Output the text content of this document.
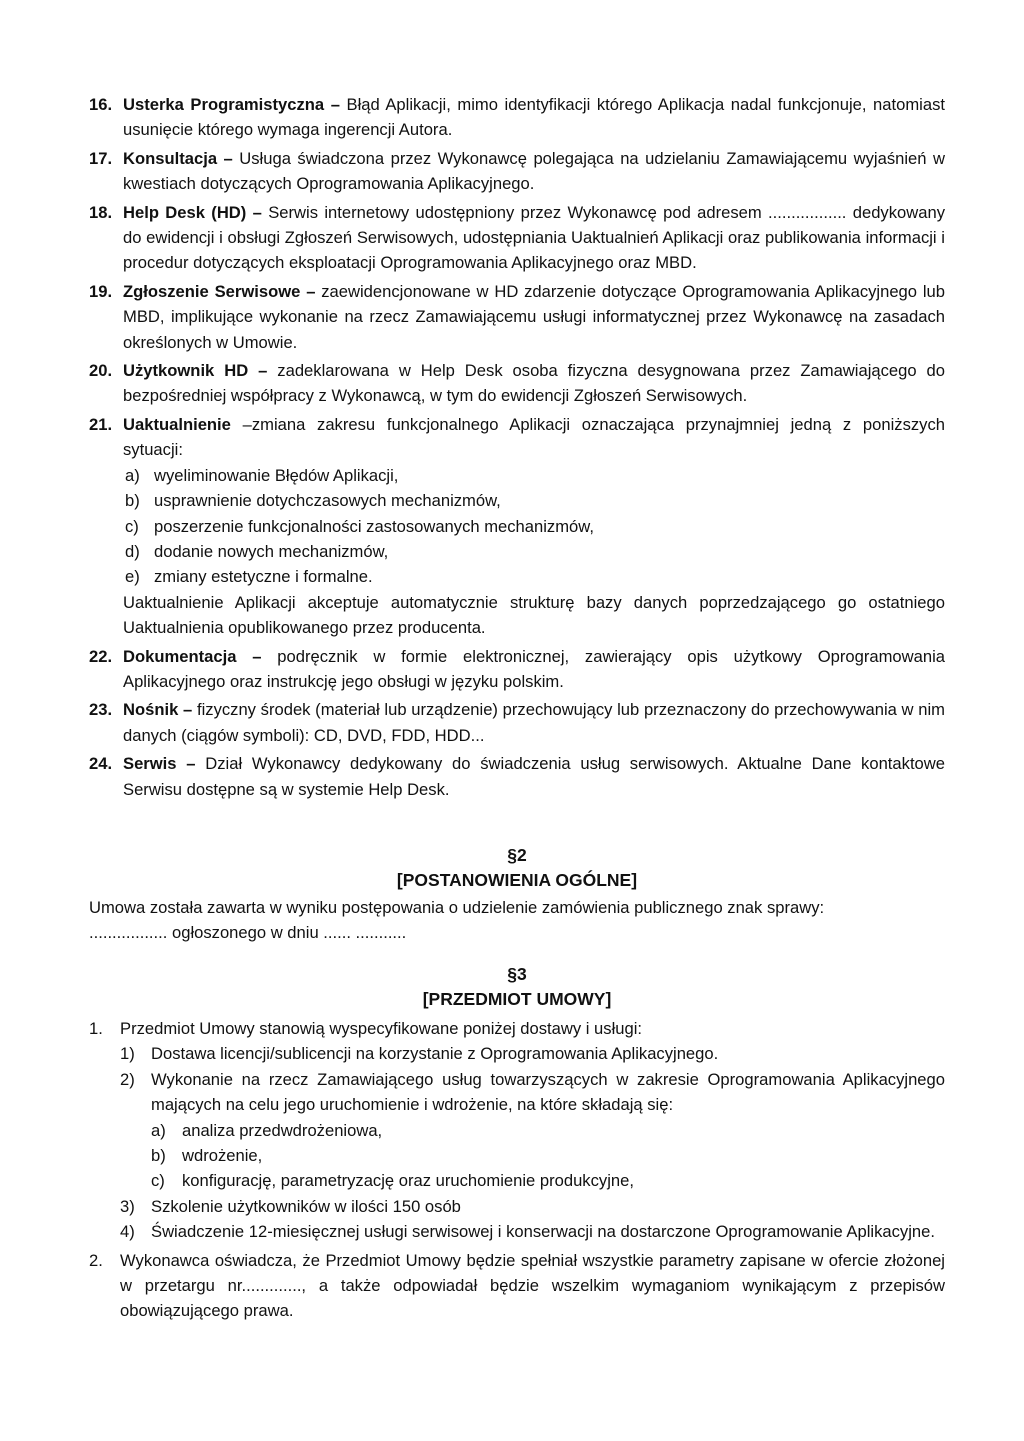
16. Usterka Programistyczna – Błąd Aplikacji, mimo identyfikacji którego Aplikacja nadal funkcjonuje, natomiast usunięcie którego wymaga ingerencji Autora.
17. Konsultacja – Usługa świadczona przez Wykonawcę polegająca na udzielaniu Zamawiającemu wyjaśnień w kwestiach dotyczących Oprogramowania Aplikacyjnego.
18. Help Desk (HD) – Serwis internetowy udostępniony przez Wykonawcę pod adresem ................. dedykowany do ewidencji i obsługi Zgłoszeń Serwisowych, udostępniania Uaktualnień Aplikacji oraz publikowania informacji i procedur dotyczących eksploatacji Oprogramowania Aplikacyjnego oraz MBD.
19. Zgłoszenie Serwisowe – zaewidencjonowane w HD zdarzenie dotyczące Oprogramowania Aplikacyjnego lub MBD, implikujące wykonanie na rzecz Zamawiającemu usługi informatycznej przez Wykonawcę na zasadach określonych w Umowie.
20. Użytkownik HD – zadeklarowana w Help Desk osoba fizyczna desygnowana przez Zamawiającego do bezpośredniej współpracy z Wykonawcą, w tym do ewidencji Zgłoszeń Serwisowych.
21. Uaktualnienie –zmiana zakresu funkcjonalnego Aplikacji oznaczająca przynajmniej jedną z poniższych sytuacji:
a) wyeliminowanie Błędów Aplikacji,
b) usprawnienie dotychczasowych mechanizmów,
c) poszerzenie funkcjonalności zastosowanych mechanizmów,
d) dodanie nowych mechanizmów,
e) zmiany estetyczne i formalne.
Uaktualnienie Aplikacji akceptuje automatycznie strukturę bazy danych poprzedzającego go ostatniego Uaktualnienia opublikowanego przez producenta.
22. Dokumentacja – podręcznik w formie elektronicznej, zawierający opis użytkowy Oprogramowania Aplikacyjnego oraz instrukcję jego obsługi w języku polskim.
23. Nośnik – fizyczny środek (materiał lub urządzenie) przechowujący lub przeznaczony do przechowywania w nim danych (ciągów symboli): CD, DVD, FDD, HDD...
24. Serwis – Dział Wykonawcy dedykowany do świadczenia usług serwisowych. Aktualne Dane kontaktowe Serwisu dostępne są w systemie Help Desk.
§2
[POSTANOWIENIA OGÓLNE]
Umowa została zawarta w wyniku postępowania o udzielenie zamówienia publicznego znak sprawy:
................. ogłoszonego w dniu ...... ...........
§3
[PRZEDMIOT UMOWY]
1. Przedmiot Umowy stanowią wyspecyfikowane poniżej dostawy i usługi:
1) Dostawa licencji/sublicencji na korzystanie z Oprogramowania Aplikacyjnego.
2) Wykonanie na rzecz Zamawiającego usług towarzyszących w zakresie Oprogramowania Aplikacyjnego mających na celu jego uruchomienie i wdrożenie, na które składają się:
a) analiza przedwdrożeniowa,
b) wdrożenie,
c) konfigurację, parametryzację oraz uruchomienie produkcyjne,
3) Szkolenie użytkowników w ilości 150 osób
4) Świadczenie 12-miesięcznej usługi serwisowej i konserwacji na dostarczone Oprogramowanie Aplikacyjne.
2. Wykonawca oświadcza, że Przedmiot Umowy będzie spełniał wszystkie parametry zapisane w ofercie złożonej w przetargu nr............., a także odpowiadał będzie wszelkim wymaganiom wynikającym z przepisów obowiązującego prawa.
